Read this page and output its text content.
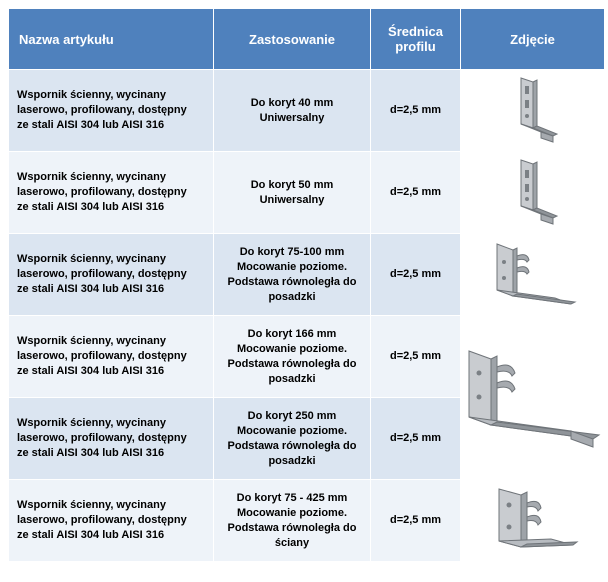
Nazwa artykułu	Zastosowanie	Średnica
profilu	Zdjęcie

Wspornik ścienny, wycinany
laserowo, profilowany, dostępny
ze stali AISI 304 lub AISI 316	Do koryt 40 mm
Uniwersalny	d=2,5 mm	

Wspornik ścienny, wycinany
laserowo, profilowany, dostępny
ze stali AISI 304 lub AISI 316	Do koryt 50 mm
Uniwersalny	d=2,5 mm	

Wspornik ścienny, wycinany
laserowo, profilowany, dostępny
ze stali AISI 304 lub AISI 316	Do koryt 75-100 mm
Mocowanie poziome.
Podstawa równoległa do
posadzki	d=2,5 mm	

Wspornik ścienny, wycinany
laserowo, profilowany, dostępny
ze stali AISI 304 lub AISI 316	Do koryt 166 mm
Mocowanie poziome.
Podstawa równoległa do
posadzki	d=2,5 mm	

Wspornik ścienny, wycinany
laserowo, profilowany, dostępny
ze stali AISI 304 lub AISI 316	Do koryt 250 mm
Mocowanie poziome.
Podstawa równoległa do
posadzki	d=2,5 mm	

Wspornik ścienny, wycinany
laserowo, profilowany, dostępny
ze stali AISI 304 lub AISI 316	Do koryt 75 - 425 mm
Mocowanie poziome.
Podstawa równoległa do
ściany	d=2,5 mm	
